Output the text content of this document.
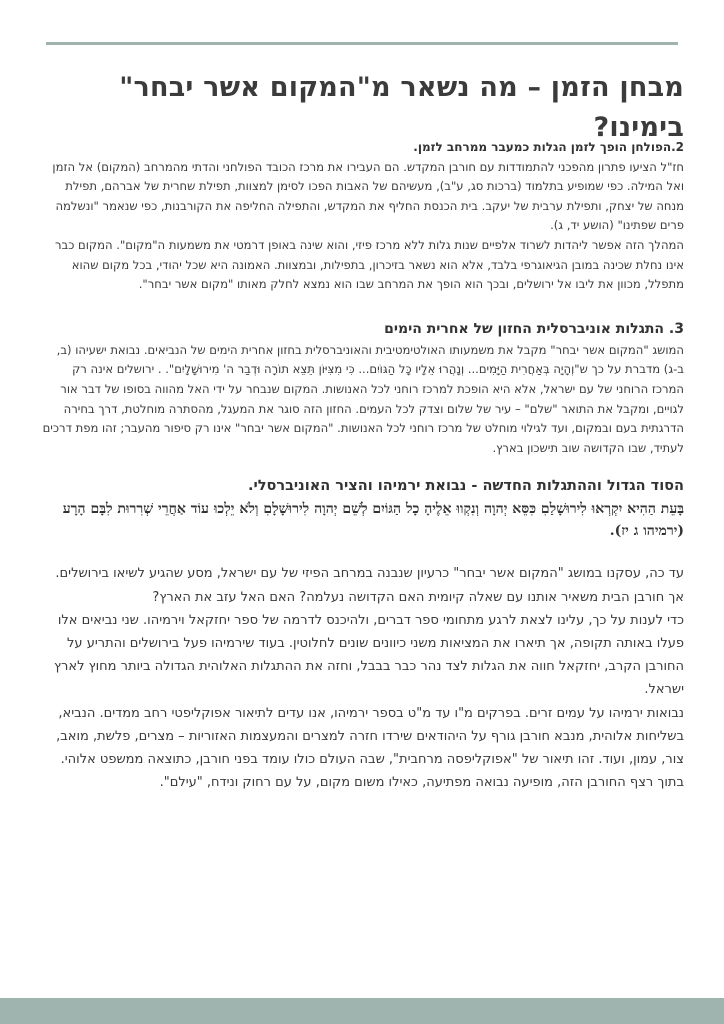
מבחן הזמן – מה נשאר מ"המקום אשר יבחר" בימינו?

2.הפולחן הופך לזמן הגלות כמעבר ממרחב לזמן.

חז"ל הציעו פתרון מהפכני להתמודדות עם חורבן המקדש. הם העבירו את מרכז הכובד הפולחני והדתי מהמרחב (המקום) אל הזמן ואל המילה. כפי שמופיע בתלמוד (ברכות סג, ע"ב), מעשיהם של האבות הפכו לסימן למצוות, תפילת שחרית של אברהם, תפילת מנחה של יצחק, ותפילת ערבית של יעקב. בית הכנסת החליף את המקדש, והתפילה החליפה את הקורבנות, כפי שנאמר "ונשלמה פרים שפתינו" (הושע יד, ג).

המהלך הזה אפשר ליהדות לשרוד אלפיים שנות גלות ללא מרכז פיזי, והוא שינה באופן דרמטי את משמעות ה"מקום". המקום כבר אינו נחלת שכינה במובן הגיאוגרפי בלבד, אלא הוא נשאר בזיכרון, בתפילות, ובמצוות. האמונה היא שכל יהודי, בכל מקום שהוא מתפלל, מכוון את ליבו אל ירושלים, ובכך הוא הופך את המרחב שבו הוא נמצא לחלק מאותו "מקום אשר יבחר".

3. התגלות אוניברסלית החזון של אחרית הימים

המושג "המקום אשר יבחר" מקבל את משמעותו האולטימטיבית והאוניברסלית בחזון אחרית הימים של הנביאים. נבואת ישעיהו (ב, ב-ג) מדברת על כך ש"וְהָיָה בְּאַחֲרִית הַיָּמִים... וְנָהֲרוּ אֵלָיו כָּל הַגּוֹיִם... כִּי מִצִּיּוֹן תֵּצֵא תוֹרָה וּדְבַר ה' מִירוּשָׁלָיִם". . ירושלים אינה רק המרכז הרוחני של עם ישראל, אלא היא הופכת למרכז רוחני לכל האנושות. המקום שנבחר על ידי האל מהווה בסופו של דבר אור לגויים, ומקבל את התואר "שלם" – עיר של שלום וצדק לכל העמים. החזון הזה סוגר את המעגל, מהסתרה מוחלטת, דרך בחירה הדרגתית בעם ובמקום, ועד לגילוי מוחלט של מרכז רוחני לכל האנושות. "המקום אשר יבחר" אינו רק סיפור מהעבר; זהו מפת דרכים לעתיד, שבו הקדושה שוב תישכון בארץ.

הסוד הגדול וההתגלות החדשה - נבואת ירמיהו והציר האוניברסלי.

בָּעֵת הַהִיא יִקְרְאוּ לִירוּשָׁלַםִ כִּסֵּא יְהוָה וְנִקְווּ אֵלֶיהָ כָל הַגּוֹיִם לְשֵׁם יְהוָה לִירוּשָׁלָםִ וְלֹא יֵלְכוּ עוֹד אַחֲרֵי שְׁרִרוּת לִבָּם הָרָע (ירמיהו ג יז).

עד כה, עסקנו במושג "המקום אשר יבחר" כרעיון שנבנה במרחב הפיזי של עם ישראל, מסע שהגיע לשיאו בירושלים. אך חורבן הבית משאיר אותנו עם שאלה קיומית האם הקדושה נעלמה? האם האל עזב את הארץ?

כדי לענות על כך, עלינו לצאת לרגע מתחומי ספר דברים, ולהיכנס לדרמה של ספר יחזקאל וירמיהו. שני נביאים אלו פעלו באותה תקופה, אך תיארו את המציאות משני כיוונים שונים לחלוטין. בעוד שירמיהו פעל בירושלים והתריע על החורבן הקרב, יחזקאל חווה את הגלות לצד נהר כבר בבבל, וחזה את ההתגלות האלוהית הגדולה ביותר מחוץ לארץ ישראל.

נבואות ירמיהו על עמים זרים. בפרקים מ"ו עד מ"ט בספר ירמיהו, אנו עדים לתיאור אפוקליפטי רחב ממדים. הנביא, בשליחות אלוהית, מנבא חורבן גורף על היהודאים שירדו חזרה למצרים והמעצמות האזוריות – מצרים, פלשת, מואב, צור, עמון, ועוד. זהו תיאור של "אפוקליפסה מרחבית", שבה העולם כולו עומד בפני חורבן, כתוצאה ממשפט אלוהי.

בתוך רצף החורבן הזה, מופיעה נבואה מפתיעה, כאילו משום מקום, על עם רחוק ונידח, "עילם".
